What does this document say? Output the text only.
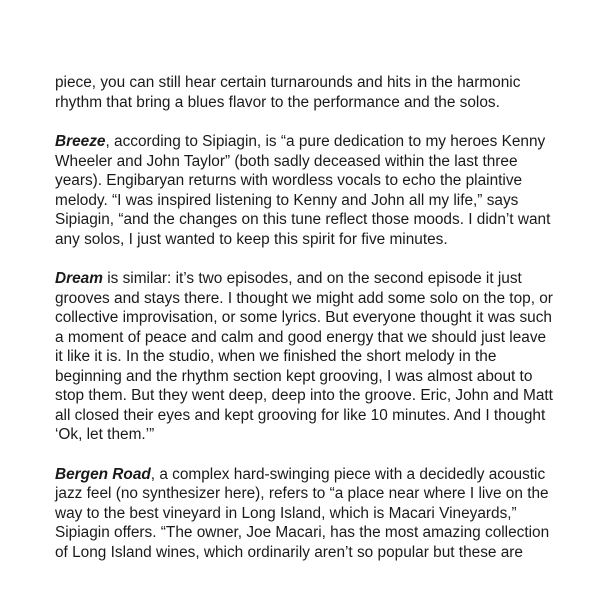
piece, you can still hear certain turnarounds and hits in the harmonic rhythm that bring a blues flavor to the performance and the solos.

Breeze, according to Sipiagin, is “a pure dedication to my heroes Kenny Wheeler and John Taylor” (both sadly deceased within the last three years). Engibaryan returns with wordless vocals to echo the plaintive melody. “I was inspired listening to Kenny and John all my life,” says Sipiagin, “and the changes on this tune reflect those moods. I didn’t want any solos, I just wanted to keep this spirit for five minutes.

Dream is similar: it’s two episodes, and on the second episode it just grooves and stays there. I thought we might add some solo on the top, or collective improvisation, or some lyrics. But everyone thought it was such a moment of peace and calm and good energy that we should just leave it like it is. In the studio, when we finished the short melody in the beginning and the rhythm section kept grooving, I was almost about to stop them. But they went deep, deep into the groove. Eric, John and Matt all closed their eyes and kept grooving for like 10 minutes. And I thought ‘Ok, let them.’”

Bergen Road, a complex hard-swinging piece with a decidedly acoustic jazz feel (no synthesizer here), refers to “a place near where I live on the way to the best vineyard in Long Island, which is Macari Vineyards,” Sipiagin offers. “The owner, Joe Macari, has the most amazing collection of Long Island wines, which ordinarily aren’t so popular but these are
